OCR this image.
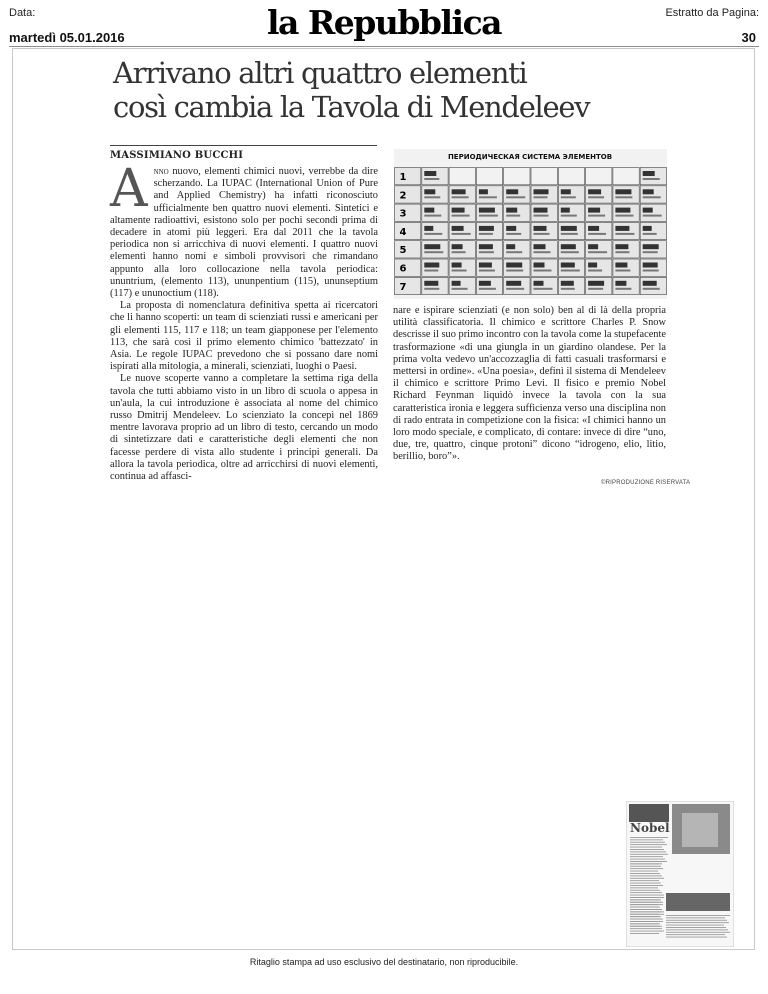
Data:
martedì 05.01.2016	la Repubblica	Estratto da Pagina:
30
Arrivano altri quattro elementi
così cambia la Tavola di Mendeleev
MASSIMIANO BUCCHI

Anno nuovo, elementi chimici nuovi, verrebbe da dire scherzando. La IUPAC (International Union of Pure and Applied Chemistry) ha infatti riconosciuto ufficialmente ben quattro nuovi elementi. Sintetici e altamente radioattivi, esistono solo per pochi secondi prima di decadere in atomi più leggeri. Era dal 2011 che la tavola periodica non si arricchiva di nuovi elementi. I quattro nuovi elementi hanno nomi e simboli provvisori che rimandano appunto alla loro collocazione nella tavola periodica: ununtrium, (elemento 113), ununpentium (115), ununseptium (117) e ununoctium (118).

La proposta di nomenclatura definitiva spetta ai ricercatori che li hanno scoperti: un team di scienziati russi e americani per gli elementi 115, 117 e 118; un team giapponese per l'elemento 113, che sarà così il primo elemento chimico 'battezzato' in Asia. Le regole IUPAC prevedono che si possano dare nomi ispirati alla mitologia, a minerali, scienziati, luoghi o Paesi.

Le nuove scoperte vanno a completare la settima riga della tavola che tutti abbiamo visto in un libro di scuola o appesa in un'aula, la cui introduzione è associata al nome del chimico russo Dmitrij Mendeleev. Lo scienziato la concepì nel 1869 mentre lavorava proprio ad un libro di testo, cercando un modo di sintetizzare dati e caratteristiche degli elementi che non facesse perdere di vista allo studente i principi generali. Da allora la tavola periodica, oltre ad arricchirsi di nuovi elementi, continua ad affasci-

1
2
3
4
5
6
7
ПЕРИОДИЧЕСКАЯ СИСТЕМА ЭЛЕМЕНТОВ

nare e ispirare scienziati (e non solo) ben al di là della propria utilità classificatoria. Il chimico e scrittore Charles P. Snow descrisse il suo primo incontro con la tavola come la stupefacente trasformazione «di una giungla in un giardino olandese. Per la prima volta vedevo un'accozzaglia di fatti casuali trasformarsi e mettersi in ordine». «Una poesia», definì il sistema di Mendeleev il chimico e scrittore Primo Levi. Il fisico e premio Nobel Richard Feynman liquidò invece la tavola con la sua caratteristica ironia e leggera sufficienza verso una disciplina non di rado entrata in competizione con la fisica: «I chimici hanno un loro modo speciale, e complicato, di contare: invece di dire “uno, due, tre, quattro, cinque protoni” dicono “idrogeno, elio, litio, berillio, boro”».

©RIPRODUZIONE RISERVATA
Nobel
Ritaglio stampa ad uso esclusivo del destinatario, non riproducibile.
